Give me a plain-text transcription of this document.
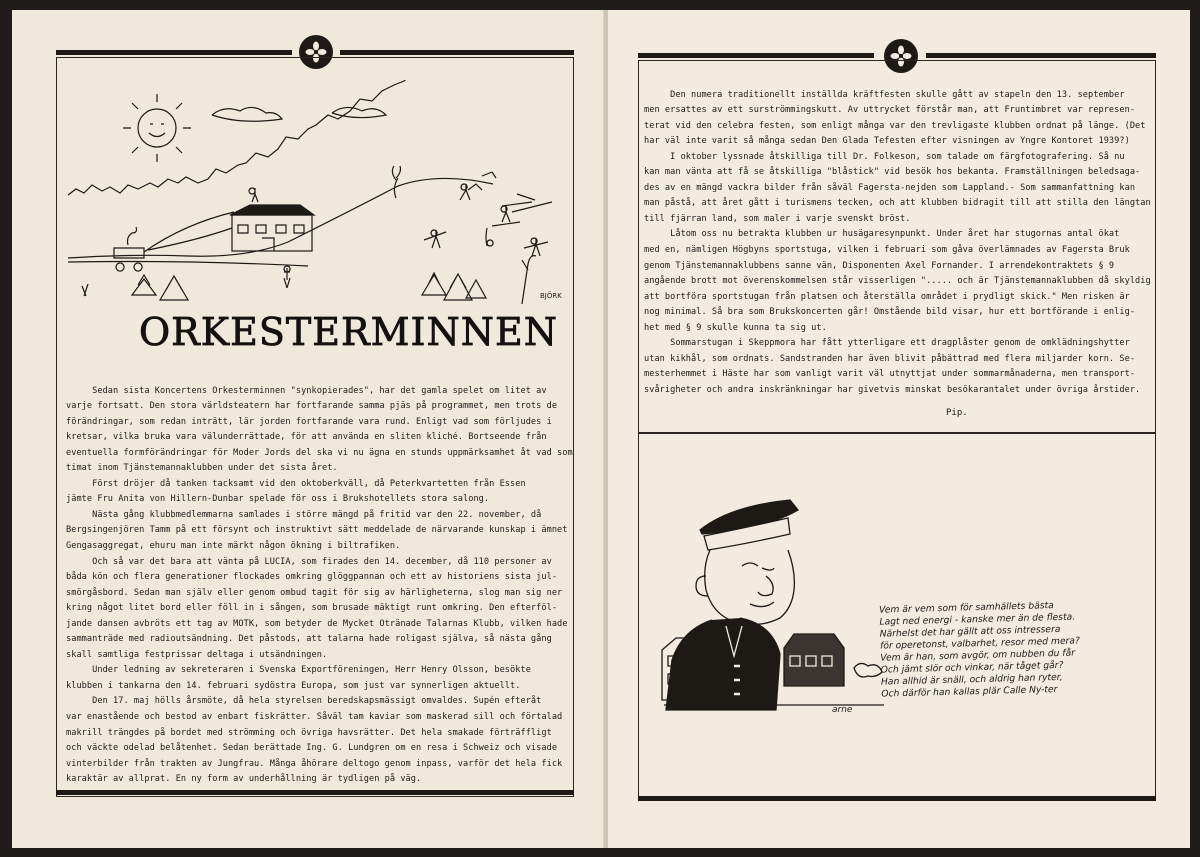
BJÖRK
ORKESTERMINNEN

Sedan sista Koncertens Orkesterminnen "synkopierades", har det gamla spelet om litet av
varje fortsatt. Den stora världsteatern har fortfarande samma pjäs på programmet, men trots de
förändringar, som redan inträtt, lär jorden fortfarande vara rund. Enligt vad som förljudes i
kretsar, vilka bruka vara välunderrättade, för att använda en sliten kliché. Bortseende från
eventuella formförändringar för Moder Jords del ska vi nu ägna en stunds uppmärksamhet åt vad som
timat inom Tjänstemannaklubben under det sista året.
Först dröjer då tanken tacksamt vid den oktoberkväll, då Peterkvartetten från Essen
jämte Fru Anita von Hillern-Dunbar spelade för oss i Brukshotellets stora salong.
Nästa gång klubbmedlemmarna samlades i större mängd på fritid var den 22. november, då
Bergsingenjören Tamm på ett försynt och instruktivt sätt meddelade de närvarande kunskap i ämnet
Gengasaggregat, ehuru man inte märkt någon ökning i biltrafiken.
Och så var det bara att vänta på LUCIA, som firades den 14. december, då 110 personer av
båda kön och flera generationer flockades omkring glöggpannan och ett av historiens sista jul-
smörgåsbord. Sedan man själv eller genom ombud tagit för sig av härligheterna, slog man sig ner
kring något litet bord eller föll in i sången, som brusade mäktigt runt omkring. Den efterföl-
jande dansen avbröts ett tag av MOTK, som betyder de Mycket Otränade Talarnas Klubb, vilken hade
sammanträde med radioutsändning. Det påstods, att talarna hade roligast själva, så nästa gång
skall samtliga festprissar deltaga i utsändningen.
Under ledning av sekreteraren i Svenska Exportföreningen, Herr Henry Olsson, besökte
klubben i tankarna den 14. februari sydöstra Europa, som just var synnerligen aktuellt.
Den 17. maj hölls årsmöte, då hela styrelsen beredskapsmässigt omvaldes. Supén efteråt
var enastående och bestod av enbart fiskrätter. Såväl tam kaviar som maskerad sill och förtalad
makrill trängdes på bordet med strömming och övriga havsrätter. Det hela smakade förträffligt
och väckte odelad belåtenhet. Sedan berättade Ing. G. Lundgren om en resa i Schweiz och visade
vinterbilder från trakten av Jungfrau. Många åhörare deltogo genom inpass, varför det hela fick
karaktär av allprat. En ny form av underhållning är tydligen på väg.

Den numera traditionellt inställda kräftfesten skulle gått av stapeln den 13. september
men ersattes av ett surströmmingskutt. Av uttrycket förstår man, att Fruntimbret var represen-
terat vid den celebra festen, som enligt många var den trevligaste klubben ordnat på länge. (Det
har väl inte varit så många sedan Den Glada Tefesten efter visningen av Yngre Kontoret 1939?)
I oktober lyssnade åtskilliga till Dr. Folkeson, som talade om färgfotografering. Så nu
kan man vänta att få se åtskilliga "blåstick" vid besök hos bekanta. Framställningen beledsaga-
des av en mängd vackra bilder från såväl Fagersta-nejden som Lappland.- Som sammanfattning kan
man påstå, att året gått i turismens tecken, och att klubben bidragit till att stilla den längtan
till fjärran land, som maler i varje svenskt bröst.
Låtom oss nu betrakta klubben ur husägaresynpunkt. Under året har stugornas antal ökat
med en, nämligen Högbyns sportstuga, vilken i februari som gåva överlämnades av Fagersta Bruk
genom Tjänstemannaklubbens sanne vän, Disponenten Axel Fornander. I arrendekontraktets § 9
angående brott mot överenskommelsen står visserligen "..... och är Tjänstemannaklubben då skyldig
att bortföra sportstugan från platsen och återställa området i prydligt skick." Men risken är
nog minimal. Så bra som Brukskoncerten går! Omstående bild visar, hur ett bortförande i enlig-
het med § 9 skulle kunna ta sig ut.
Sommarstugan i Skeppmora har fått ytterligare ett dragplåster genom de omklädningshytter
utan kikhål, som ordnats. Sandstranden har även blivit påbättrad med flera miljarder korn. Se-
mesterhemmet i Häste har som vanligt varit väl utnyttjat under sommarmånaderna, men transport-
svårigheter och andra inskränkningar har givetvis minskat besökarantalet under övriga årstider.
Pip.
FAGE
arne

Vem är vem som för samhällets bästa
Lagt ned energi - kanske mer än de flesta.
Närhelst det har gällt att oss intressera
för operetonst, valbarhet, resor med mera?
Vem är han, som avgör, om nubben du får
Och jämt slör och vinkar, när tåget går?
Han allhid är snäll, och aldrig han ryter,
Och därför han kallas plär Calle Ny-ter
